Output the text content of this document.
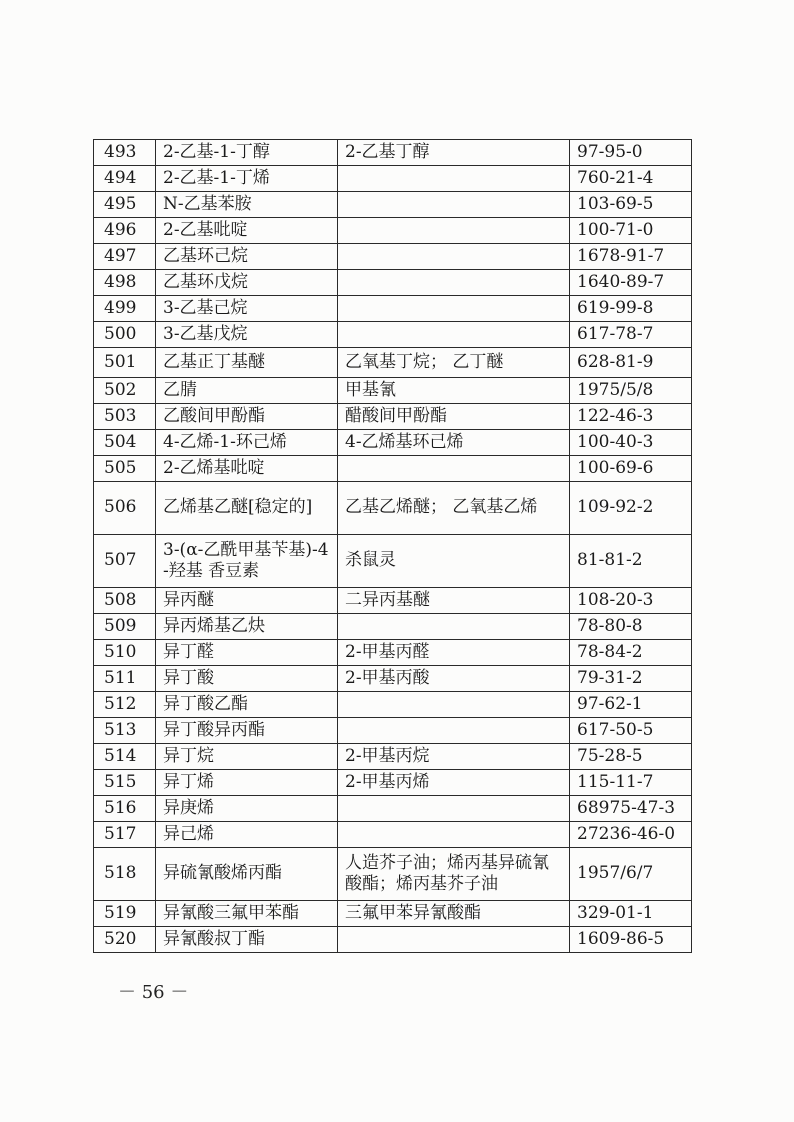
493	2-乙基-1-丁醇	2-乙基丁醇	97-95-0
494	2-乙基-1-丁烯		760-21-4
495	N-乙基苯胺		103-69-5
496	2-乙基吡啶		100-71-0
497	乙基环己烷		1678-91-7
498	乙基环戊烷		1640-89-7
499	3-乙基己烷		619-99-8
500	3-乙基戊烷		617-78-7
501	乙基正丁基醚	乙氧基丁烷； 乙丁醚	628-81-9
502	乙腈	甲基氰	1975/5/8
503	乙酸间甲酚酯	醋酸间甲酚酯	122-46-3
504	4-乙烯-1-环己烯	4-乙烯基环己烯	100-40-3
505	2-乙烯基吡啶		100-69-6
506	乙烯基乙醚[稳定的]	乙基乙烯醚； 乙氧基乙烯	109-92-2
507	3-(α-乙酰甲基苄基)-4-羟基 香豆素	杀鼠灵	81-81-2
508	异丙醚	二异丙基醚	108-20-3
509	异丙烯基乙炔		78-80-8
510	异丁醛	2-甲基丙醛	78-84-2
511	异丁酸	2-甲基丙酸	79-31-2
512	异丁酸乙酯		97-62-1
513	异丁酸异丙酯		617-50-5
514	异丁烷	2-甲基丙烷	75-28-5
515	异丁烯	2-甲基丙烯	115-11-7
516	异庚烯		68975-47-3
517	异己烯		27236-46-0
518	异硫氰酸烯丙酯	人造芥子油；烯丙基异硫氰酸酯；烯丙基芥子油	1957/6/7
519	异氰酸三氟甲苯酯	三氟甲苯异氰酸酯	329-01-1
520	异氰酸叔丁酯		1609-86-5
－ 56 －
